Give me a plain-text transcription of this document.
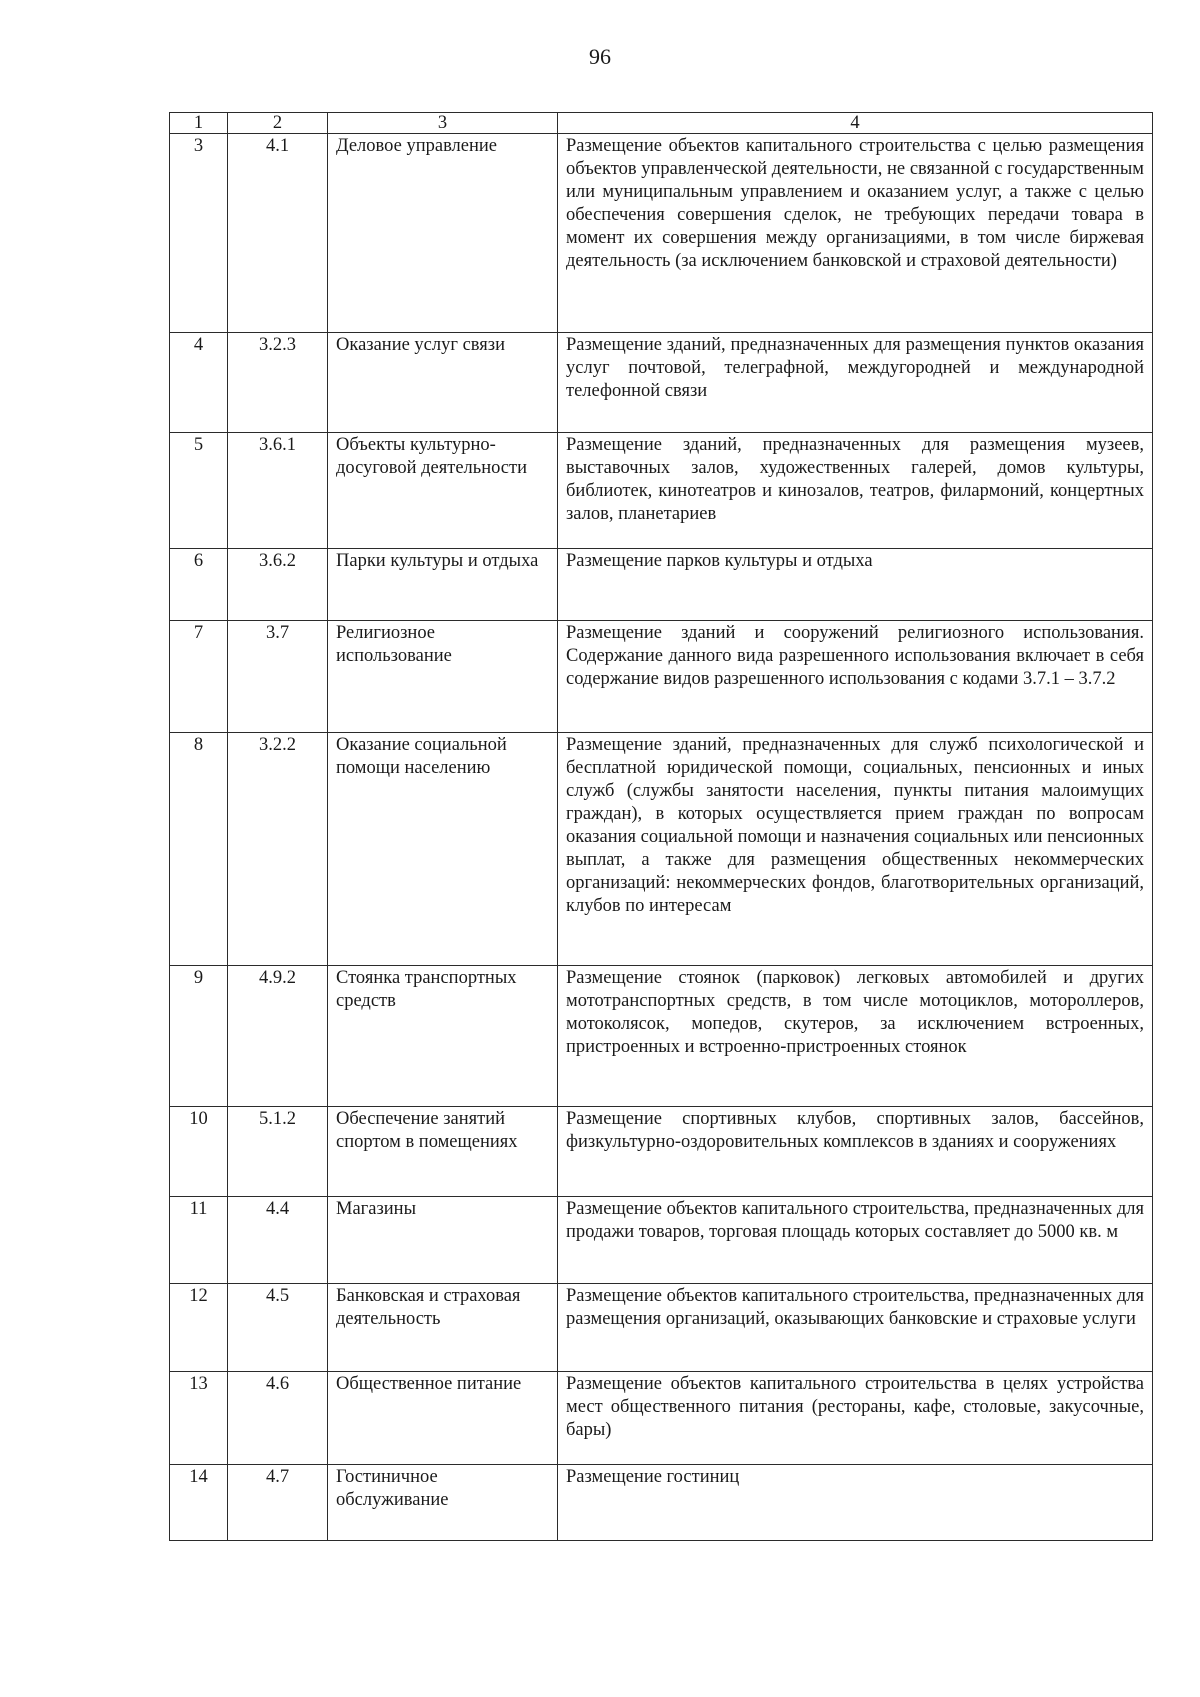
96
1	2	3	4
3	4.1	Деловое управление	Размещение объектов капитального строительства с целью размещения объектов управленческой деятельности, не связанной с государственным или муниципальным управлением и оказанием услуг, а также с целью обеспечения совершения сделок, не требующих передачи товара в момент их совершения между организациями, в том числе биржевая деятельность (за исключением банковской и страховой деятельности)
4	3.2.3	Оказание услуг связи	Размещение зданий, предназначенных для размещения пунктов оказания услуг почтовой, телеграфной, междугородней и международной телефонной связи
5	3.6.1	Объекты культурно-досуговой деятельности	Размещение зданий, предназначенных для размещения музеев, выставочных залов, художественных галерей, домов культуры, библиотек, кинотеатров и кинозалов, театров, филармоний, концертных залов, планетариев
6	3.6.2	Парки культуры и отдыха	Размещение парков культуры и отдыха
7	3.7	Религиозное использование	Размещение зданий и сооружений религиозного использования. Содержание данного вида разрешенного использования включает в себя содержание видов разрешенного использования с кодами 3.7.1 – 3.7.2
8	3.2.2	Оказание социальной помощи населению	Размещение зданий, предназначенных для служб психологической и бесплатной юридической помощи, социальных, пенсионных и иных служб (службы занятости населения, пункты питания малоимущих граждан), в которых осуществляется прием граждан по вопросам оказания социальной помощи и назначения социальных или пенсионных выплат, а также для размещения общественных некоммерческих организаций: некоммерческих фондов, благотворительных организаций, клубов по интересам
9	4.9.2	Стоянка транспортных средств	Размещение стоянок (парковок) легковых автомобилей и других мототранспортных средств, в том числе мотоциклов, мотороллеров, мотоколясок, мопедов, скутеров, за исключением встроенных, пристроенных и встроенно-пристроенных стоянок
10	5.1.2	Обеспечение занятий спортом в помещениях	Размещение спортивных клубов, спортивных залов, бассейнов, физкультурно-оздоровительных комплексов в зданиях и сооружениях
11	4.4	Магазины	Размещение объектов капитального строительства, предназначенных для продажи товаров, торговая площадь которых составляет до 5000 кв. м
12	4.5	Банковская и страховая деятельность	Размещение объектов капитального строительства, предназначенных для размещения организаций, оказывающих банковские и страховые услуги
13	4.6	Общественное питание	Размещение объектов капитального строительства в целях устройства мест общественного питания (рестораны, кафе, столовые, закусочные, бары)
14	4.7	Гостиничное обслуживание	Размещение гостиниц
